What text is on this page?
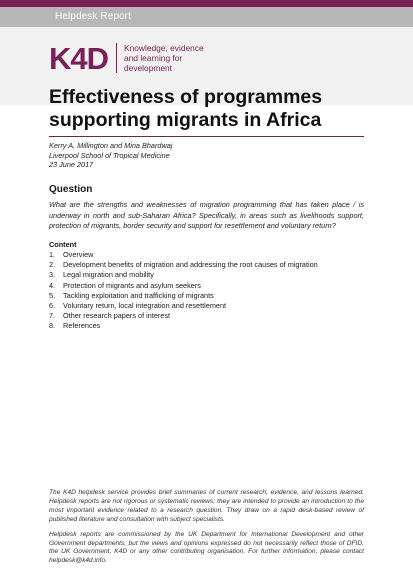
Helpdesk Report
K4D Knowledge, evidence and learning for development
Effectiveness of programmes supporting migrants in Africa
Kerry A. Millington and Mina Bhardwaj
Liverpool School of Tropical Medicine
23 June 2017
Question

What are the strengths and weaknesses of migration programming that has taken place / is underway in north and sub-Saharan Africa? Specifically, in areas such as livelihoods support, protection of migrants, border security and support for resettlement and voluntary return?

Content
1.	Overview
2.	Development benefits of migration and addressing the root causes of migration
3.	Legal migration and mobility
4.	Protection of migrants and asylum seekers
5.	Tackling exploitation and trafficking of migrants
6.	Voluntary return, local integration and resettlement
7.	Other research papers of interest
8.	References

The K4D helpdesk service provides brief summaries of current research, evidence, and lessons learned. Helpdesk reports are not rigorous or systematic reviews; they are intended to provide an introduction to the most important evidence related to a research question. They draw on a rapid desk-based review of published literature and consultation with subject specialists.

Helpdesk reports are commissioned by the UK Department for International Development and other Government departments, but the views and opinions expressed do not necessarily reflect those of DFID, the UK Government, K4D or any other contributing organisation. For further information, please contact helpdesk@k4d.info.
